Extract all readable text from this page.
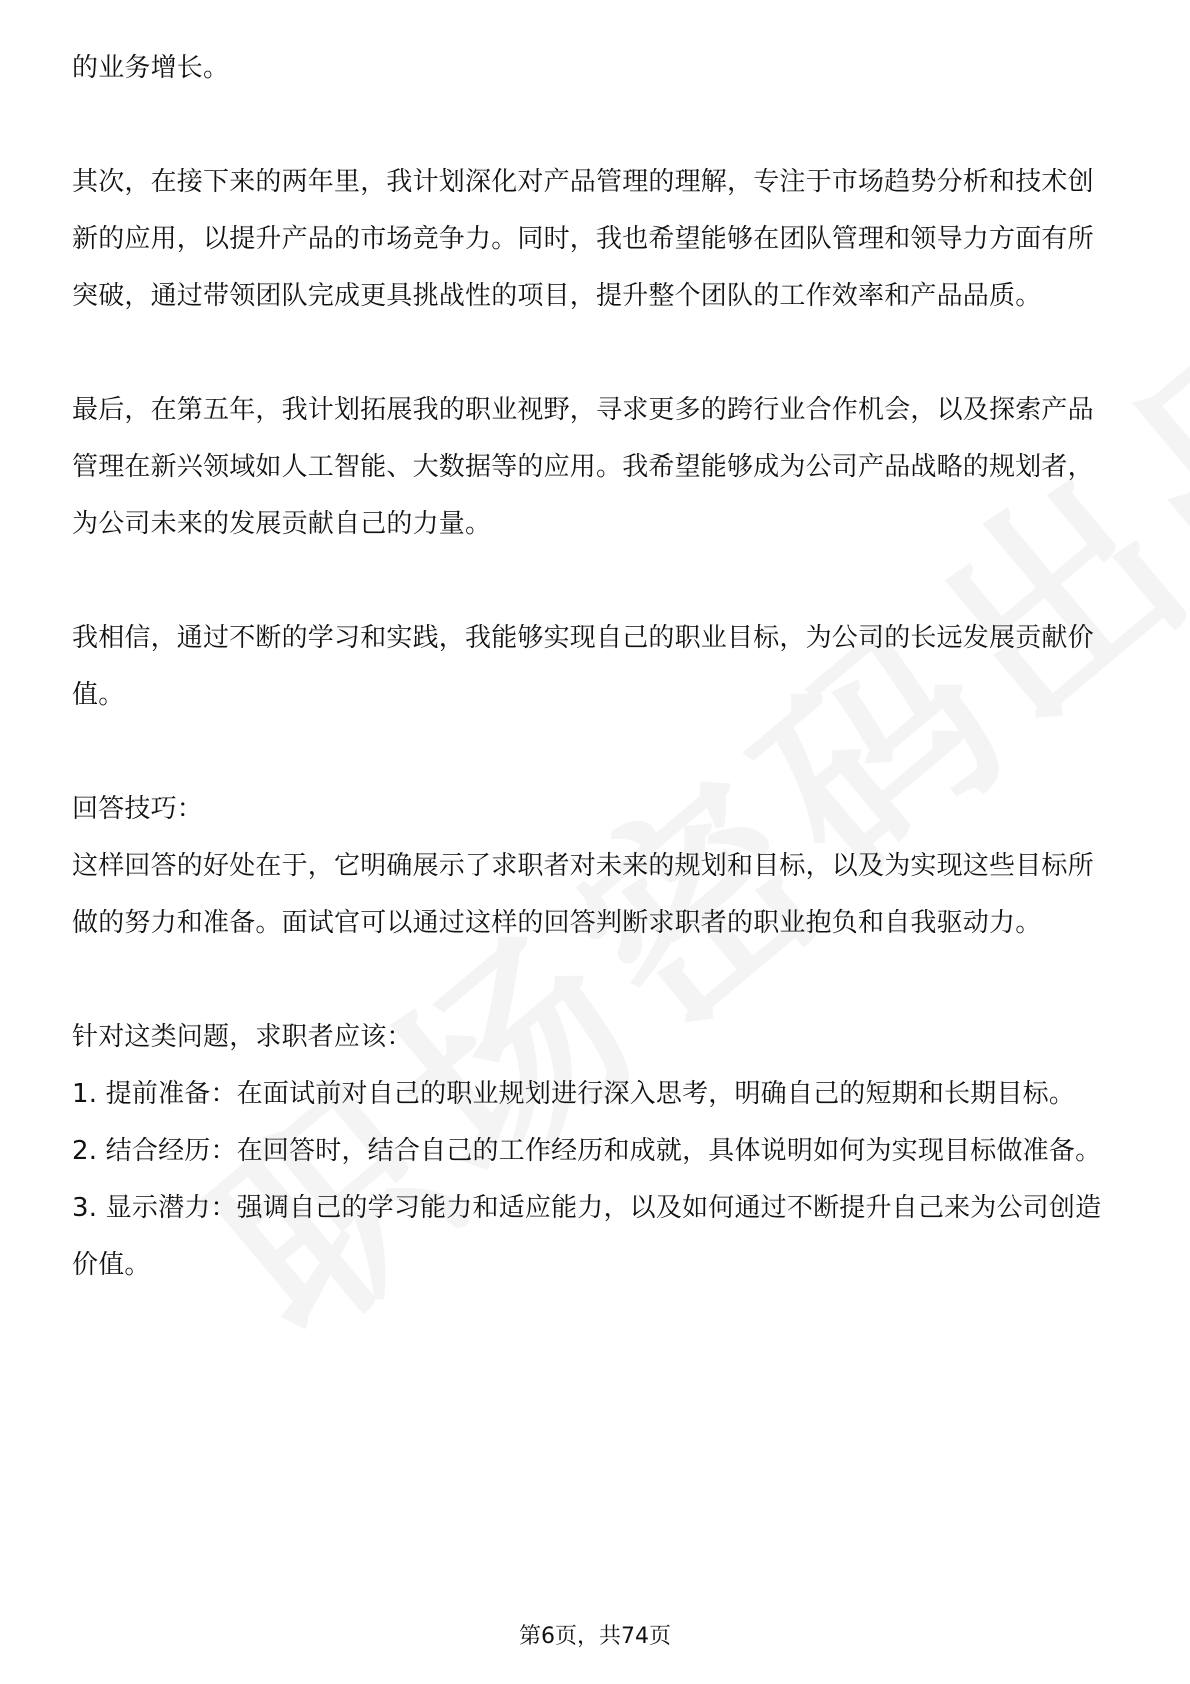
的业务增长。

其次，在接下来的两年里，我计划深化对产品管理的理解，专注于市场趋势分析和技术创新的应用，以提升产品的市场竞争力。同时，我也希望能够在团队管理和领导力方面有所突破，通过带领团队完成更具挑战性的项目，提升整个团队的工作效率和产品品质。

最后，在第五年，我计划拓展我的职业视野，寻求更多的跨行业合作机会，以及探索产品管理在新兴领域如人工智能、大数据等的应用。我希望能够成为公司产品战略的规划者，为公司未来的发展贡献自己的力量。

我相信，通过不断的学习和实践，我能够实现自己的职业目标，为公司的长远发展贡献价值。

回答技巧：

这样回答的好处在于，它明确展示了求职者对未来的规划和目标，以及为实现这些目标所做的努力和准备。面试官可以通过这样的回答判断求职者的职业抱负和自我驱动力。

针对这类问题，求职者应该：

1. 提前准备：在面试前对自己的职业规划进行深入思考，明确自己的短期和长期目标。

2. 结合经历：在回答时，结合自己的工作经历和成就，具体说明如何为实现目标做准备。

3. 显示潜力：强调自己的学习能力和适应能力，以及如何通过不断提升自己来为公司创造价值。

第6页，共74页
